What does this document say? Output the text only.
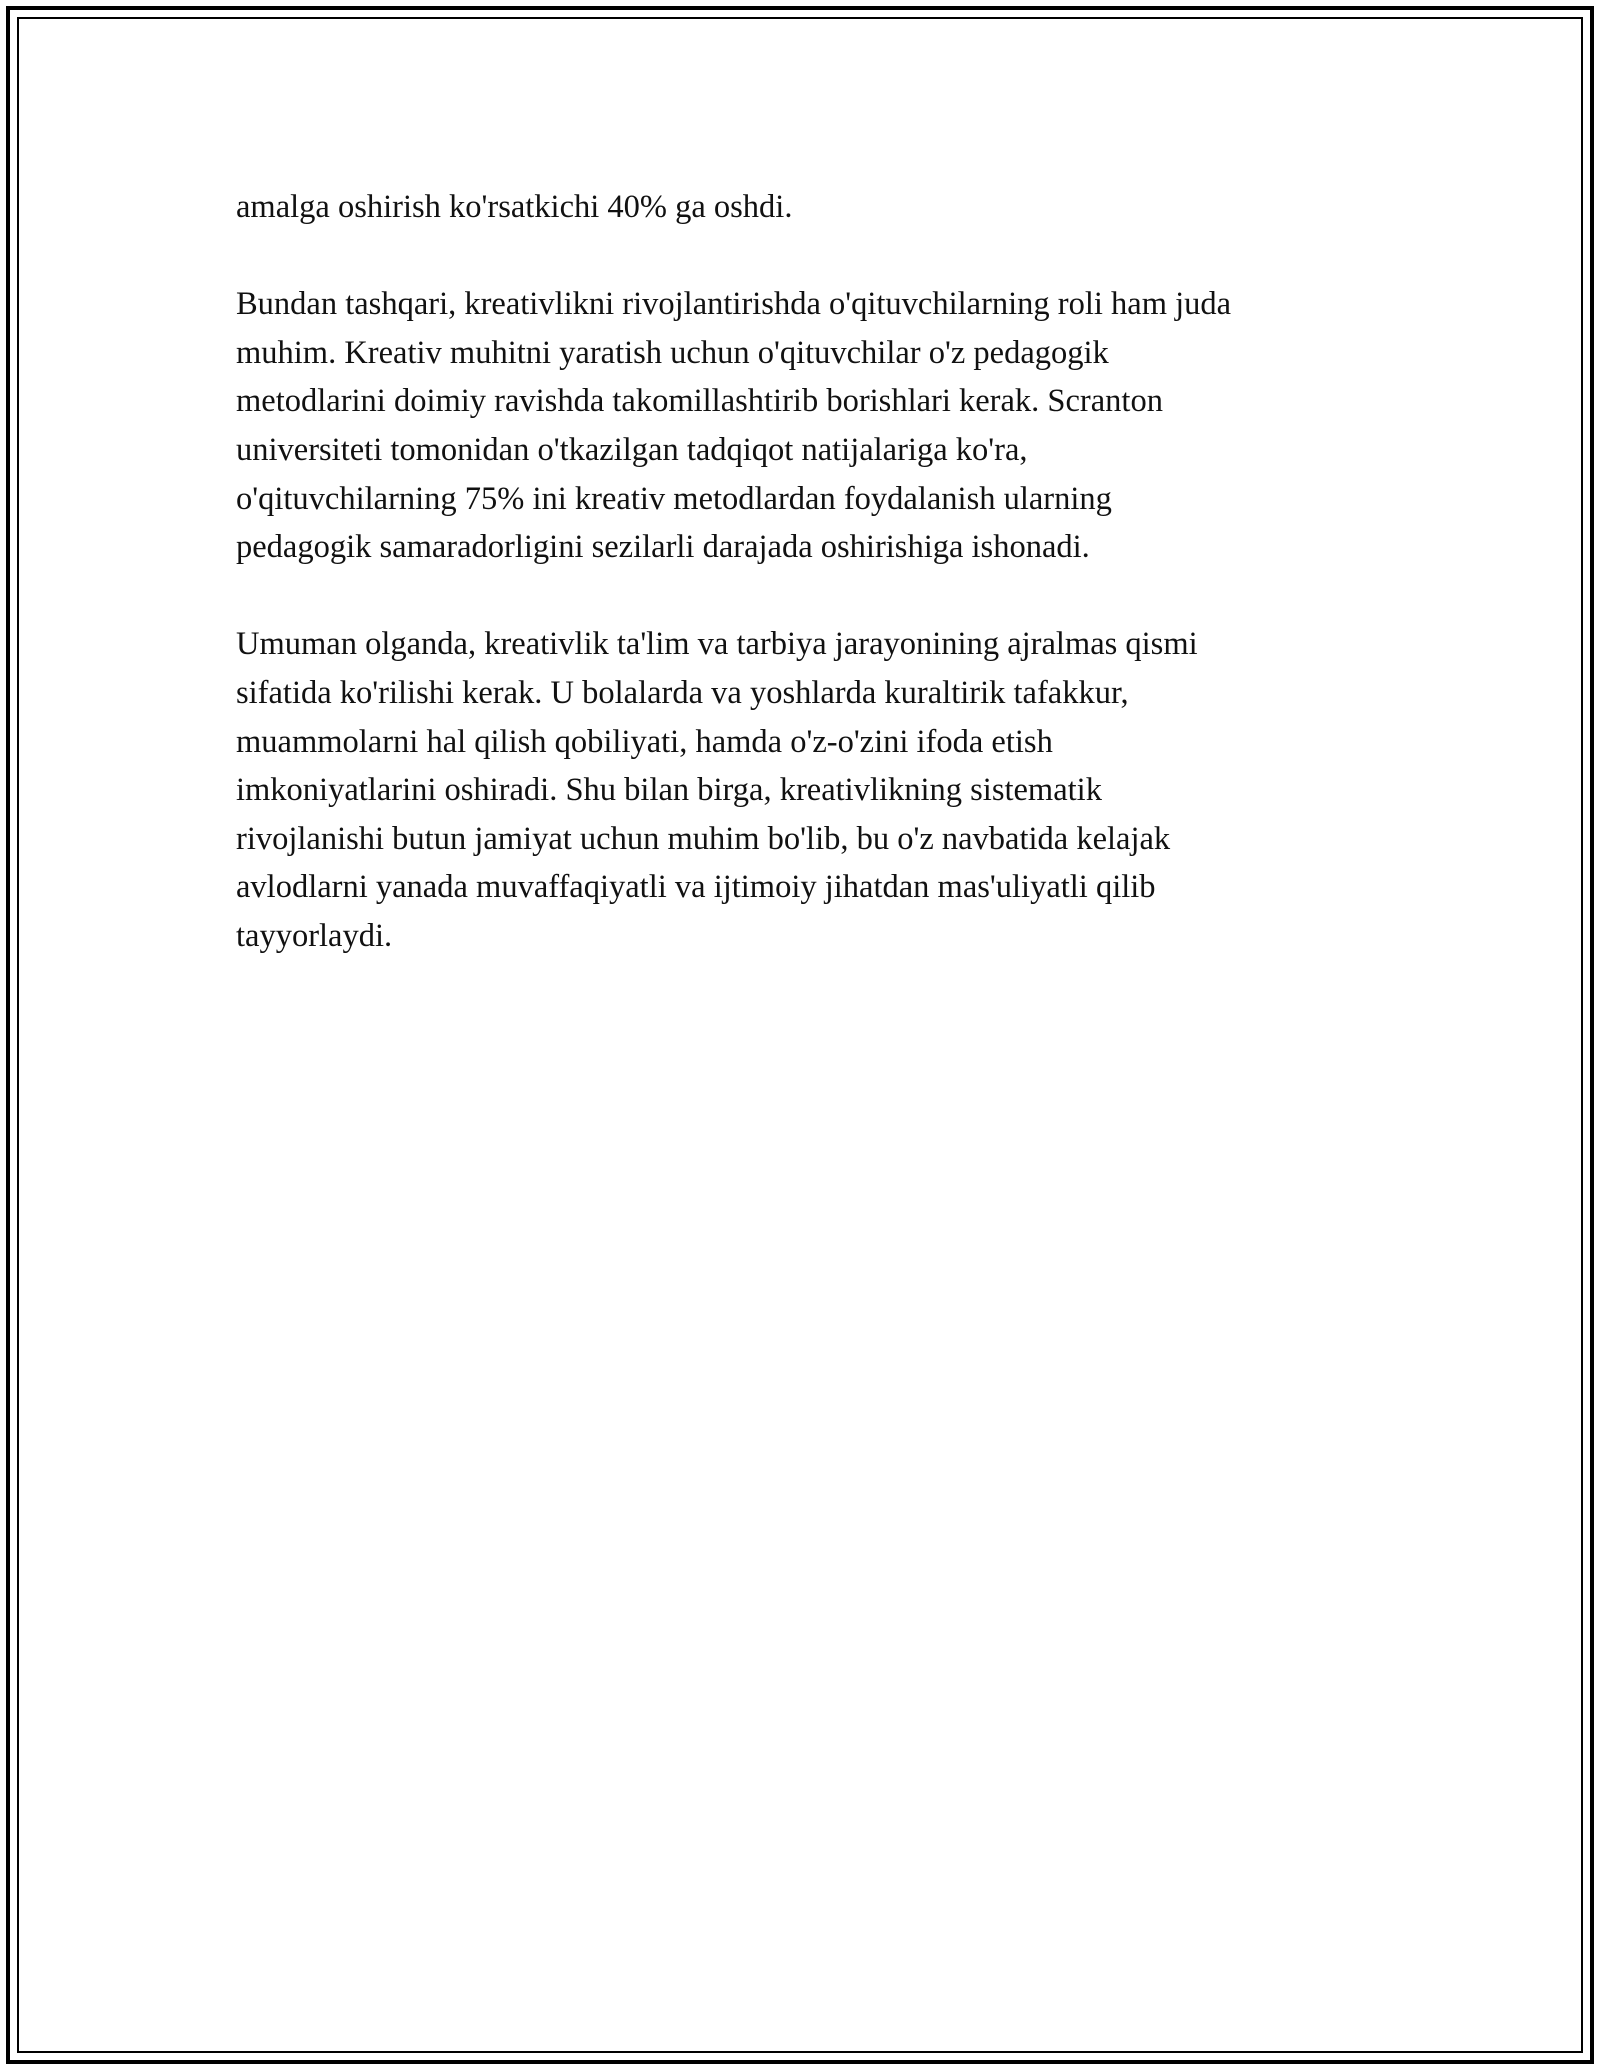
amalga oshirish ko'rsatkichi 40% ga oshdi.

Bundan tashqari, kreativlikni rivojlantirishda o'qituvchilarning roli ham juda
muhim. Kreativ muhitni yaratish uchun o'qituvchilar o'z pedagogik
metodlarini doimiy ravishda takomillashtirib borishlari kerak. Scranton
universiteti tomonidan o'tkazilgan tadqiqot natijalariga ko'ra,
o'qituvchilarning 75% ini kreativ metodlardan foydalanish ularning
pedagogik samaradorligini sezilarli darajada oshirishiga ishonadi.

Umuman olganda, kreativlik ta'lim va tarbiya jarayonining ajralmas qismi
sifatida ko'rilishi kerak. U bolalarda va yoshlarda kuraltirik tafakkur,
muammolarni hal qilish qobiliyati, hamda o'z-o'zini ifoda etish
imkoniyatlarini oshiradi. Shu bilan birga, kreativlikning sistematik
rivojlanishi butun jamiyat uchun muhim bo'lib, bu o'z navbatida kelajak
avlodlarni yanada muvaffaqiyatli va ijtimoiy jihatdan mas'uliyatli qilib
tayyorlaydi.
